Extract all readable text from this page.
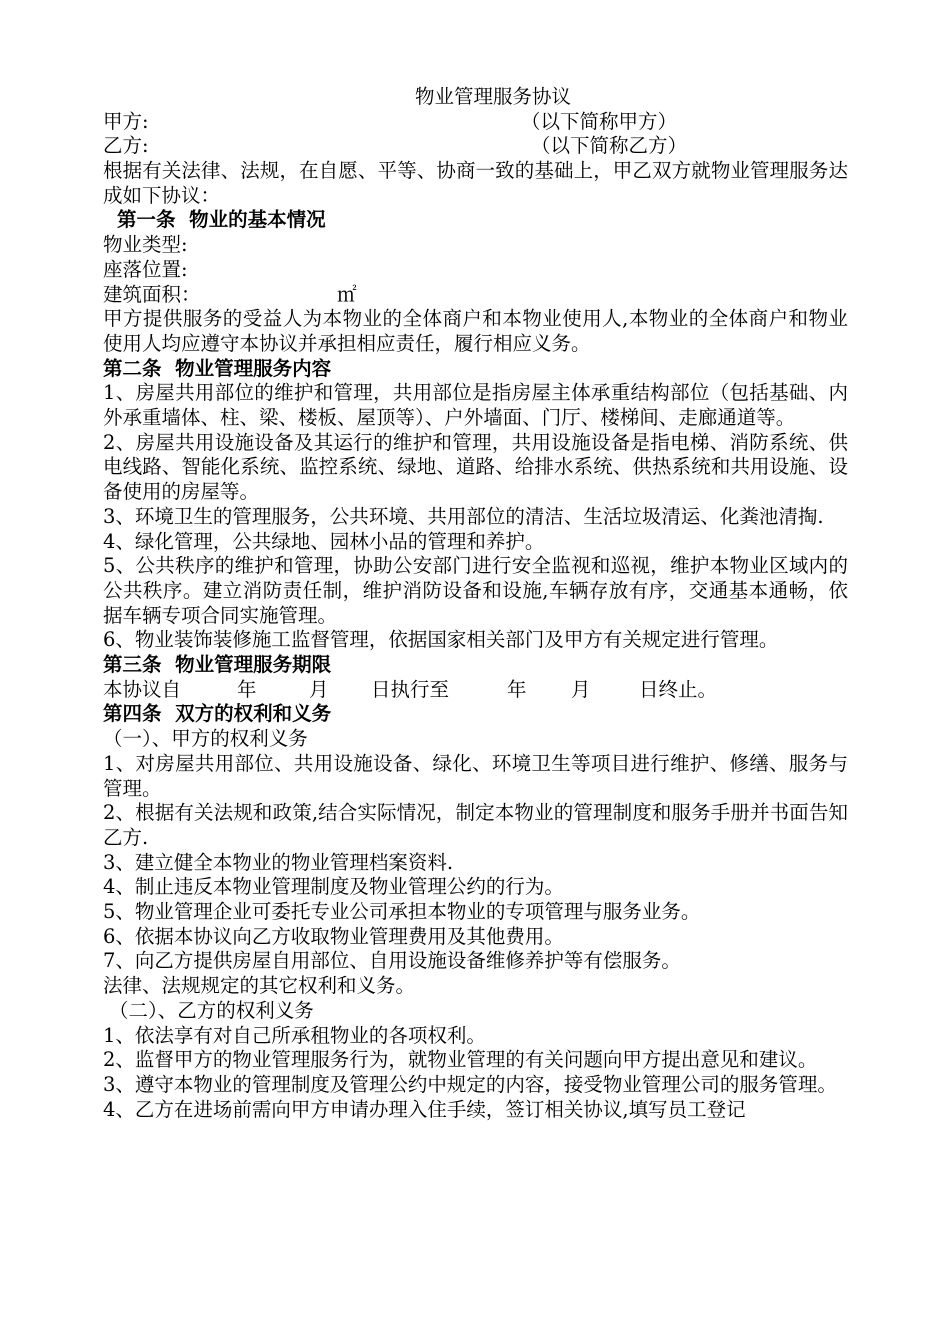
物业管理服务协议
甲方:	（以下简称甲方）
乙方:	（以下简称乙方）
根据有关法律、法规，在自愿、平等、协商一致的基础上，甲乙双方就物业管理服务达成如下协议：
第一条  物业的基本情况
物业类型:
座落位置:
建筑面积：	㎡
甲方提供服务的受益人为本物业的全体商户和本物业使用人,本物业的全体商户和物业使用人均应遵守本协议并承担相应责任，履行相应义务。
第二条  物业管理服务内容
1、房屋共用部位的维护和管理，共用部位是指房屋主体承重结构部位（包括基础、内外承重墙体、柱、梁、楼板、屋顶等）、户外墙面、门厅、楼梯间、走廊通道等。
2、房屋共用设施设备及其运行的维护和管理，共用设施设备是指电梯、消防系统、供电线路、智能化系统、监控系统、绿地、道路、给排水系统、供热系统和共用设施、设备使用的房屋等。
3、环境卫生的管理服务，公共环境、共用部位的清洁、生活垃圾清运、化粪池清掏.
4、绿化管理，公共绿地、园林小品的管理和养护。
5、公共秩序的维护和管理，协助公安部门进行安全监视和巡视，维护本物业区域内的公共秩序。建立消防责任制，维护消防设备和设施,车辆存放有序，交通基本通畅，依据车辆专项合同实施管理。
6、物业装饰装修施工监督管理，依据国家相关部门及甲方有关规定进行管理。
第三条  物业管理服务期限
本协议自	年	月 日执行至	年 月 日终止。
第四条  双方的权利和义务
（一）、甲方的权利义务
1、对房屋共用部位、共用设施设备、绿化、环境卫生等项目进行维护、修缮、服务与管理。
2、根据有关法规和政策,结合实际情况，制定本物业的管理制度和服务手册并书面告知乙方.
3、建立健全本物业的物业管理档案资料.
4、制止违反本物业管理制度及物业管理公约的行为。
5、物业管理企业可委托专业公司承担本物业的专项管理与服务业务。
6、依据本协议向乙方收取物业管理费用及其他费用。
7、向乙方提供房屋自用部位、自用设施设备维修养护等有偿服务。
法律、法规规定的其它权利和义务。
（二）、乙方的权利义务
1、依法享有对自己所承租物业的各项权利。
2、监督甲方的物业管理服务行为，就物业管理的有关问题向甲方提出意见和建议。
3、遵守本物业的管理制度及管理公约中规定的内容，接受物业管理公司的服务管理。
4、乙方在进场前需向甲方申请办理入住手续，签订相关协议,填写员工登记
